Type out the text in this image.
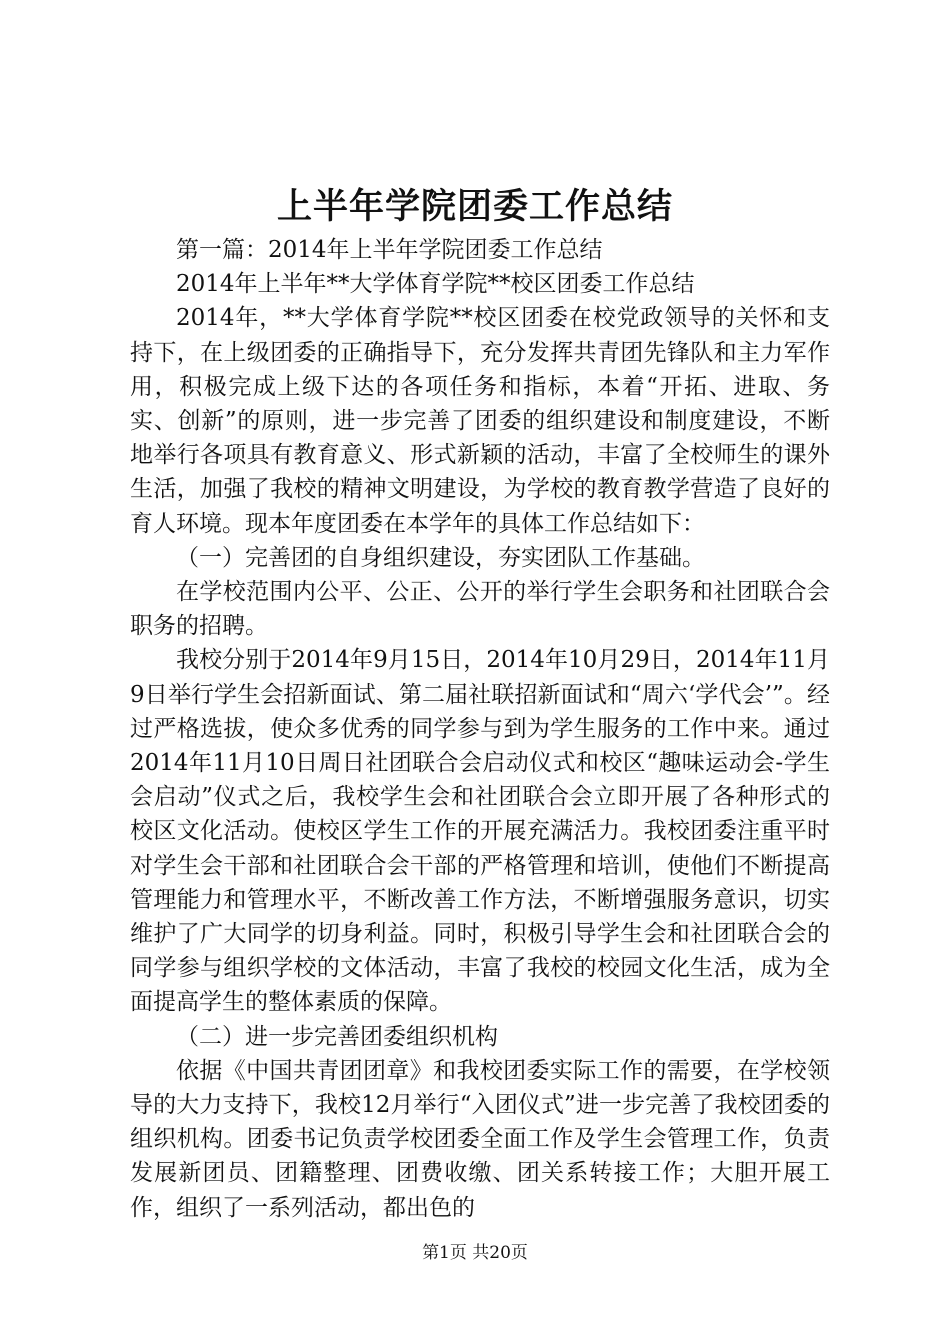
上半年学院团委工作总结

第一篇：2014年上半年学院团委工作总结

2014年上半年**大学体育学院**校区团委工作总结

2014年，**大学体育学院**校区团委在校党政领导的关怀和支持下，在上级团委的正确指导下，充分发挥共青团先锋队和主力军作用，积极完成上级下达的各项任务和指标，本着“开拓、进取、务实、创新”的原则，进一步完善了团委的组织建设和制度建设，不断地举行各项具有教育意义、形式新颖的活动，丰富了全校师生的课外生活，加强了我校的精神文明建设，为学校的教育教学营造了良好的育人环境。现本年度团委在本学年的具体工作总结如下：

（一）完善团的自身组织建设，夯实团队工作基础。

在学校范围内公平、公正、公开的举行学生会职务和社团联合会职务的招聘。

我校分别于2014年9月15日，2014年10月29日，2014年11月9日举行学生会招新面试、第二届社联招新面试和“周六‘学代会’”。经过严格选拔，使众多优秀的同学参与到为学生服务的工作中来。通过2014年11月10日周日社团联合会启动仪式和校区“趣味运动会-学生会启动”仪式之后，我校学生会和社团联合会立即开展了各种形式的校区文化活动。使校区学生工作的开展充满活力。我校团委注重平时对学生会干部和社团联合会干部的严格管理和培训，使他们不断提高管理能力和管理水平，不断改善工作方法，不断增强服务意识，切实维护了广大同学的切身利益。同时，积极引导学生会和社团联合会的同学参与组织学校的文体活动，丰富了我校的校园文化生活，成为全面提高学生的整体素质的保障。

（二）进一步完善团委组织机构

依据《中国共青团团章》和我校团委实际工作的需要，在学校领导的大力支持下，我校12月举行“入团仪式”进一步完善了我校团委的组织机构。团委书记负责学校团委全面工作及学生会管理工作，负责发展新团员、团籍整理、团费收缴、团关系转接工作；大胆开展工作，组织了一系列活动，都出色的

第1页 共20页
